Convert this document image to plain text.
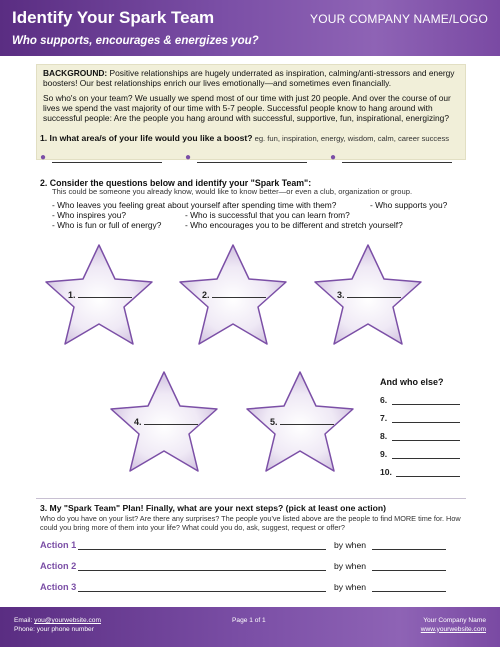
Identify Your Spark Team
Who supports, encourages & energizes you?
YOUR COMPANY NAME/LOGO

BACKGROUND: Positive relationships are hugely underrated as inspiration, calming/anti-stressors and energy boosters! Our best relationships enrich our lives emotionally—and sometimes even financially.

So who's on your team? We usually we spend most of our time with just 20 people. And over the course of our lives we spend the vast majority of our time with 5-7 people. Successful people know to hang around with successful people: Are the people you hang around with successful, supportive, fun, inspirational, energizing?

1. In what area/s of your life would you like a boost? eg. fun, inspiration, energy, wisdom, calm, career success
●	●	●
2. Consider the questions below and identify your "Spark Team":
This could be someone you already know, would like to know better—or even a club, organization or group.
- Who leaves you feeling great about yourself after spending time with them?	- Who supports you?
- Who inspires you?	- Who is successful that you can learn from?
- Who is fun or full of energy?	- Who encourages you to be different and stretch yourself?
1.	2.	3.
4.	5.
And who else?
6.
7.
8.
9.
10.
3. My "Spark Team" Plan! Finally, what are your next steps? (pick at least one action)
Who do you have on your list? Are there any surprises? The people you've listed above are the people to find MORE time for. How could you bring more of them into your life? What could you do, ask, suggest, request or offer?
Action 1	by when
Action 2	by when
Action 3	by when
Email: you@yourwebsite.com
Phone: your phone number
Page 1 of 1	Your Company Name
www.yourwebsite.com
